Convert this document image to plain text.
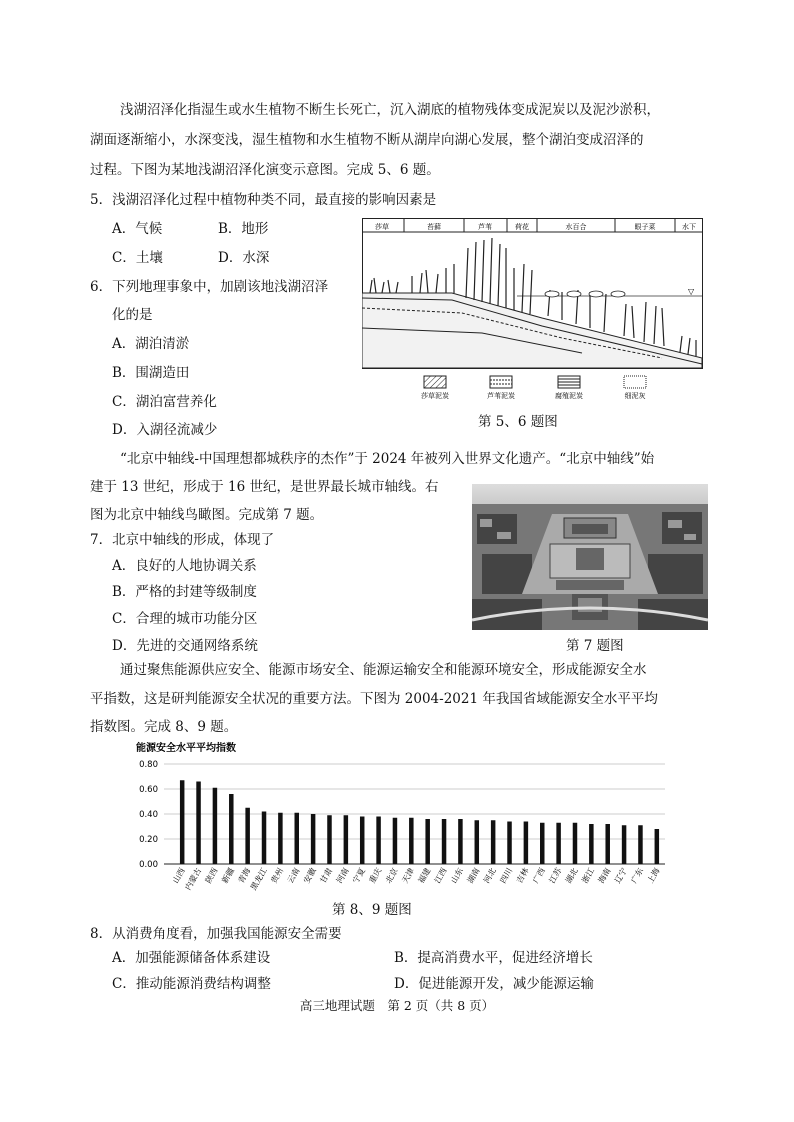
浅湖沼泽化指湿生或水生植物不断生长死亡，沉入湖底的植物残体变成泥炭以及泥沙淤积，
湖面逐渐缩小，水深变浅，湿生植物和水生植物不断从湖岸向湖心发展，整个湖泊变成沼泽的
过程。下图为某地浅湖沼泽化演变示意图。完成 5、6 题。
5．浅湖沼泽化过程中植物种类不同，最直接的影响因素是
A．气候	B．地形
C．土壤	D．水深
6．下列地理事象中，加剧该地浅湖沼泽
化的是
A．湖泊清淤
B．围湖造田
C．湖泊富营养化
D．入湖径流减少
莎草	苔藓	芦苇	荷花	水百合	眼子菜	水下
▽
莎草泥炭	芦苇泥炭	腐殖泥炭	细泥灰
第 5、6 题图
“北京中轴线-中国理想都城秩序的杰作”于 2024 年被列入世界文化遗产。“北京中轴线”始
建于 13 世纪，形成于 16 世纪，是世界最长城市轴线。右
图为北京中轴线鸟瞰图。完成第 7 题。
7．北京中轴线的形成，体现了
A．良好的人地协调关系
B．严格的封建等级制度
C．合理的城市功能分区
D．先进的交通网络系统	第 7 题图
通过聚焦能源供应安全、能源市场安全、能源运输安全和能源环境安全，形成能源安全水
平指数，这是研判能源安全状况的重要方法。下图为 2004-2021 年我国省域能源安全水平平均
指数图。完成 8、9 题。
能源安全水平平均指数
0.80
0.60
0.40
0.20
0.00
山西
内蒙古 陕西 新疆 青海
黑龙江 贵州 云南 安徽 甘肃 河南 宁夏 重庆 北京 天津 福建 江西 山东 湖南 河北 四川 吉林 广西 江苏 湖北 浙江 海南 辽宁 广东 上海
第 8、9 题图
8．从消费角度看，加强我国能源安全需要
A．加强能源储备体系建设	B．提高消费水平，促进经济增长
C．推动能源消费结构调整	D．促进能源开发，减少能源运输
高三地理试题　第 2 页（共 8 页）
